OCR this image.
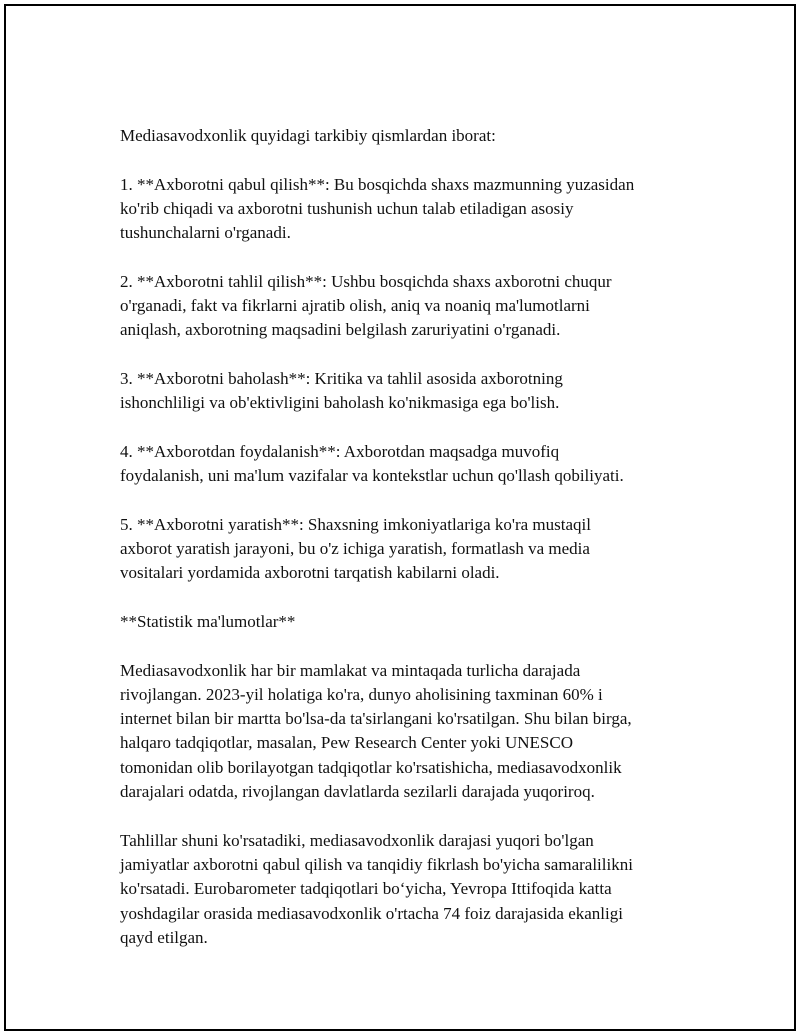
Mediasavodxonlik quyidagi tarkibiy qismlardan iborat:

1. **Axborotni qabul qilish**: Bu bosqichda shaxs mazmunning yuzasidan
ko'rib chiqadi va axborotni tushunish uchun talab etiladigan asosiy
tushunchalarni o'rganadi.

2. **Axborotni tahlil qilish**: Ushbu bosqichda shaxs axborotni chuqur
o'rganadi, fakt va fikrlarni ajratib olish, aniq va noaniq ma'lumotlarni
aniqlash, axborotning maqsadini belgilash zaruriyatini o'rganadi.

3. **Axborotni baholash**: Kritika va tahlil asosida axborotning
ishonchliligi va ob'ektivligini baholash ko'nikmasiga ega bo'lish.

4. **Axborotdan foydalanish**: Axborotdan maqsadga muvofiq
foydalanish, uni ma'lum vazifalar va kontekstlar uchun qo'llash qobiliyati.

5. **Axborotni yaratish**: Shaxsning imkoniyatlariga ko'ra mustaqil
axborot yaratish jarayoni, bu o'z ichiga yaratish, formatlash va media
vositalari yordamida axborotni tarqatish kabilarni oladi.

**Statistik ma'lumotlar**

Mediasavodxonlik har bir mamlakat va mintaqada turlicha darajada
rivojlangan. 2023-yil holatiga ko'ra, dunyo aholisining taxminan 60% i
internet bilan bir martta bo'lsa-da ta'sirlangani ko'rsatilgan. Shu bilan birga,
halqaro tadqiqotlar, masalan, Pew Research Center yoki UNESCO
tomonidan olib borilayotgan tadqiqotlar ko'rsatishicha, mediasavodxonlik
darajalari odatda, rivojlangan davlatlarda sezilarli darajada yuqoriroq.

Tahlillar shuni ko'rsatadiki, mediasavodxonlik darajasi yuqori bo'lgan
jamiyatlar axborotni qabul qilish va tanqidiy fikrlash bo'yicha samaralilikni
ko'rsatadi. Eurobarometer tadqiqotlari bo‘yicha, Yevropa Ittifoqida katta
yoshdagilar orasida mediasavodxonlik o'rtacha 74 foiz darajasida ekanligi
qayd etilgan.
